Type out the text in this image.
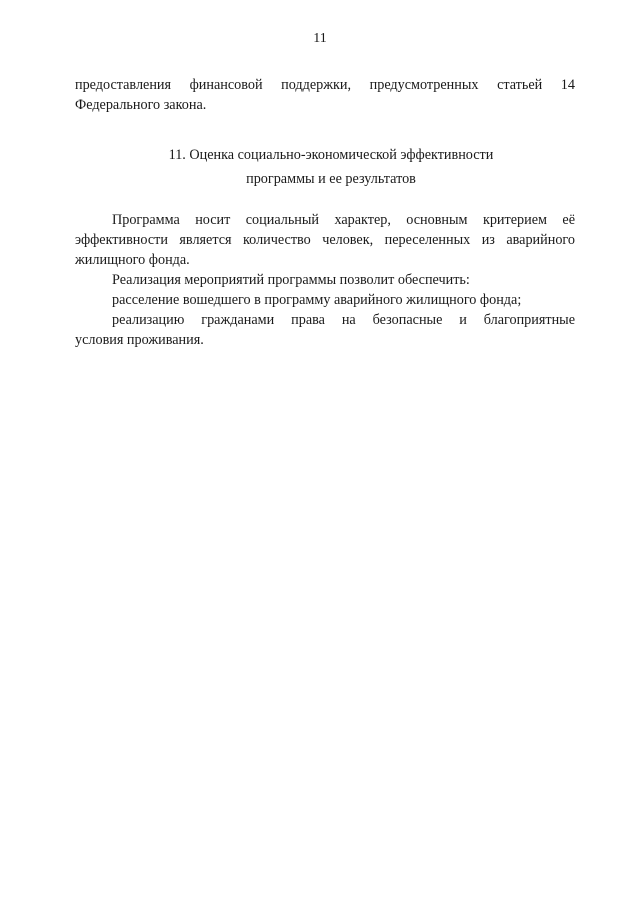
11

предоставления финансовой поддержки, предусмотренных статьей 14

Федерального закона.

11. Оценка социально-экономической эффективности
программы и ее результатов

Программа носит социальный характер, основным критерием её

эффективности является количество человек, переселенных из аварийного

жилищного фонда.

Реализация мероприятий программы позволит обеспечить:

расселение вошедшего в программу аварийного жилищного фонда;

реализацию гражданами права на безопасные и благоприятные

условия проживания.
